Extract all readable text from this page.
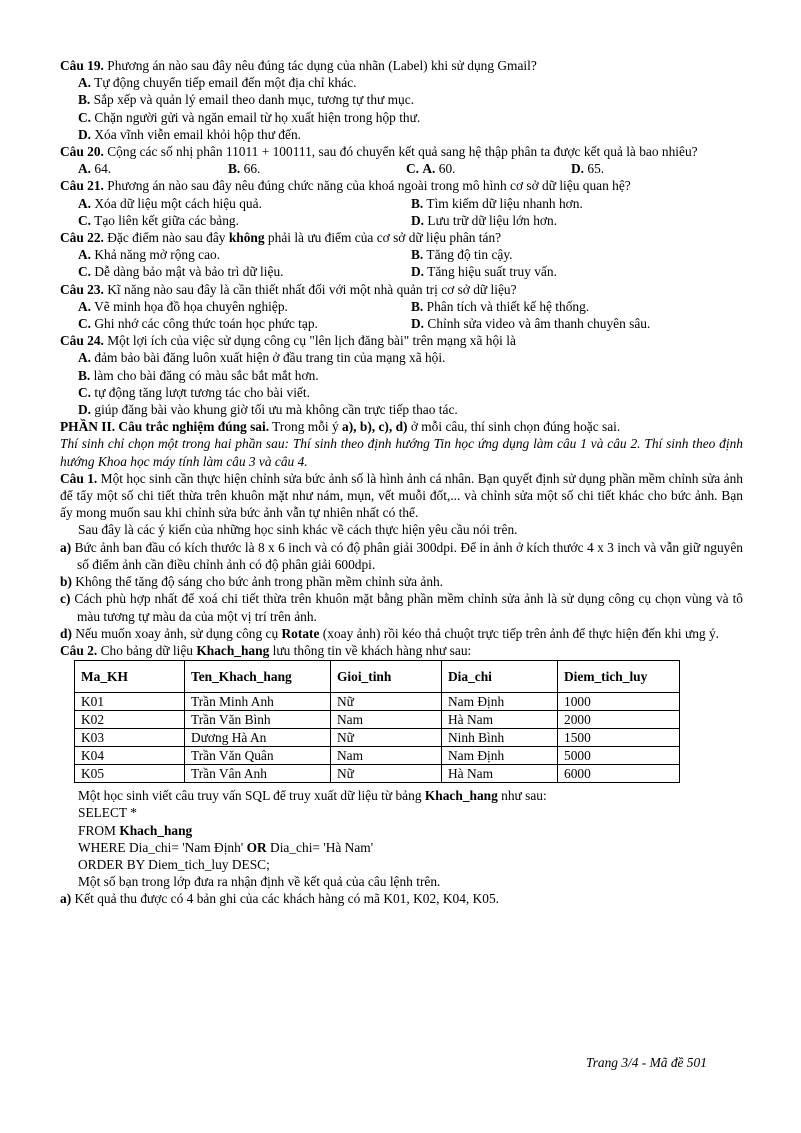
Câu 19. Phương án nào sau đây nêu đúng tác dụng của nhãn (Label) khi sử dụng Gmail?

A. Tự động chuyển tiếp email đến một địa chỉ khác.

B. Sắp xếp và quản lý email theo danh mục, tương tự thư mục.

C. Chặn người gửi và ngăn email từ họ xuất hiện trong hộp thư.

D. Xóa vĩnh viễn email khỏi hộp thư đến.

Câu 20. Cộng các số nhị phân 11011 + 100111, sau đó chuyển kết quả sang hệ thập phân ta được kết quả là bao nhiêu?

A. 64.	B. 66.	C. A. 60.	D. 65.

Câu 21. Phương án nào sau đây nêu đúng chức năng của khoá ngoài trong mô hình cơ sở dữ liệu quan hệ?

A. Xóa dữ liệu một cách hiệu quả.	B. Tìm kiếm dữ liệu nhanh hơn.
C. Tạo liên kết giữa các bảng.	D. Lưu trữ dữ liệu lớn hơn.

Câu 22. Đặc điểm nào sau đây không phải là ưu điểm của cơ sở dữ liệu phân tán?

A. Khả năng mở rộng cao.	B. Tăng độ tin cậy.
C. Dễ dàng bảo mật và bảo trì dữ liệu.	D. Tăng hiệu suất truy vấn.

Câu 23. Kĩ năng nào sau đây là cần thiết nhất đối với một nhà quản trị cơ sở dữ liệu?

A. Vẽ minh họa đồ họa chuyên nghiệp.	B. Phân tích và thiết kế hệ thống.
C. Ghi nhớ các công thức toán học phức tạp.	D. Chỉnh sửa video và âm thanh chuyên sâu.

Câu 24. Một lợi ích của việc sử dụng công cụ "lên lịch đăng bài" trên mạng xã hội là

A. đảm bảo bài đăng luôn xuất hiện ở đầu trang tin của mạng xã hội.

B. làm cho bài đăng có màu sắc bắt mắt hơn.

C. tự động tăng lượt tương tác cho bài viết.

D. giúp đăng bài vào khung giờ tối ưu mà không cần trực tiếp thao tác.

PHẦN II. Câu trắc nghiệm đúng sai. Trong mỗi ý a), b), c), d) ở mỗi câu, thí sinh chọn đúng hoặc sai.

Thí sinh chỉ chọn một trong hai phần sau: Thí sinh theo định hướng Tin học ứng dụng làm câu 1 và câu 2. Thí sinh theo định hướng Khoa học máy tính làm câu 3 và câu 4.

Câu 1. Một học sinh cần thực hiện chỉnh sửa bức ảnh số là hình ảnh cá nhân. Bạn quyết định sử dụng phần mềm chỉnh sửa ảnh để tẩy một số chi tiết thừa trên khuôn mặt như nám, mụn, vết muỗi đốt,... và chỉnh sửa một số chi tiết khác cho bức ảnh. Bạn ấy mong muốn sau khi chỉnh sửa bức ảnh vẫn tự nhiên nhất có thể.

Sau đây là các ý kiến của những học sinh khác về cách thực hiện yêu cầu nói trên.

a) Bức ảnh ban đầu có kích thước là 8 x 6 inch và có độ phân giải 300dpi. Để in ảnh ở kích thước 4 x 3 inch và vẫn giữ nguyên số điểm ảnh cần điều chỉnh ảnh có độ phân giải 600dpi.

b) Không thể tăng độ sáng cho bức ảnh trong phần mềm chỉnh sửa ảnh.

c) Cách phù hợp nhất để xoá chi tiết thừa trên khuôn mặt bằng phần mềm chỉnh sửa ảnh là sử dụng công cụ chọn vùng và tô màu tương tự màu da của một vị trí trên ảnh.

d) Nếu muốn xoay ảnh, sử dụng công cụ Rotate (xoay ảnh) rồi kéo thả chuột trực tiếp trên ảnh để thực hiện đến khi ưng ý.

Câu 2. Cho bảng dữ liệu Khach_hang lưu thông tin về khách hàng như sau:

Ma_KH	Ten_Khach_hang	Gioi_tinh	Dia_chi	Diem_tich_luy
K01	Trần Minh Anh	Nữ	Nam Định	1000
K02	Trần Văn Bình	Nam	Hà Nam	2000
K03	Dương Hà An	Nữ	Ninh Bình	1500
K04	Trần Văn Quân	Nam	Nam Định	5000
K05	Trần Vân Anh	Nữ	Hà Nam	6000

Một học sinh viết câu truy vấn SQL để truy xuất dữ liệu từ bảng Khach_hang như sau:

SELECT *

FROM Khach_hang

WHERE Dia_chi= 'Nam Định' OR Dia_chi= 'Hà Nam'

ORDER BY Diem_tich_luy DESC;

Một số bạn trong lớp đưa ra nhận định về kết quả của câu lệnh trên.

a) Kết quả thu được có 4 bản ghi của các khách hàng có mã K01, K02, K04, K05.

Trang 3/4 - Mã đề 501
